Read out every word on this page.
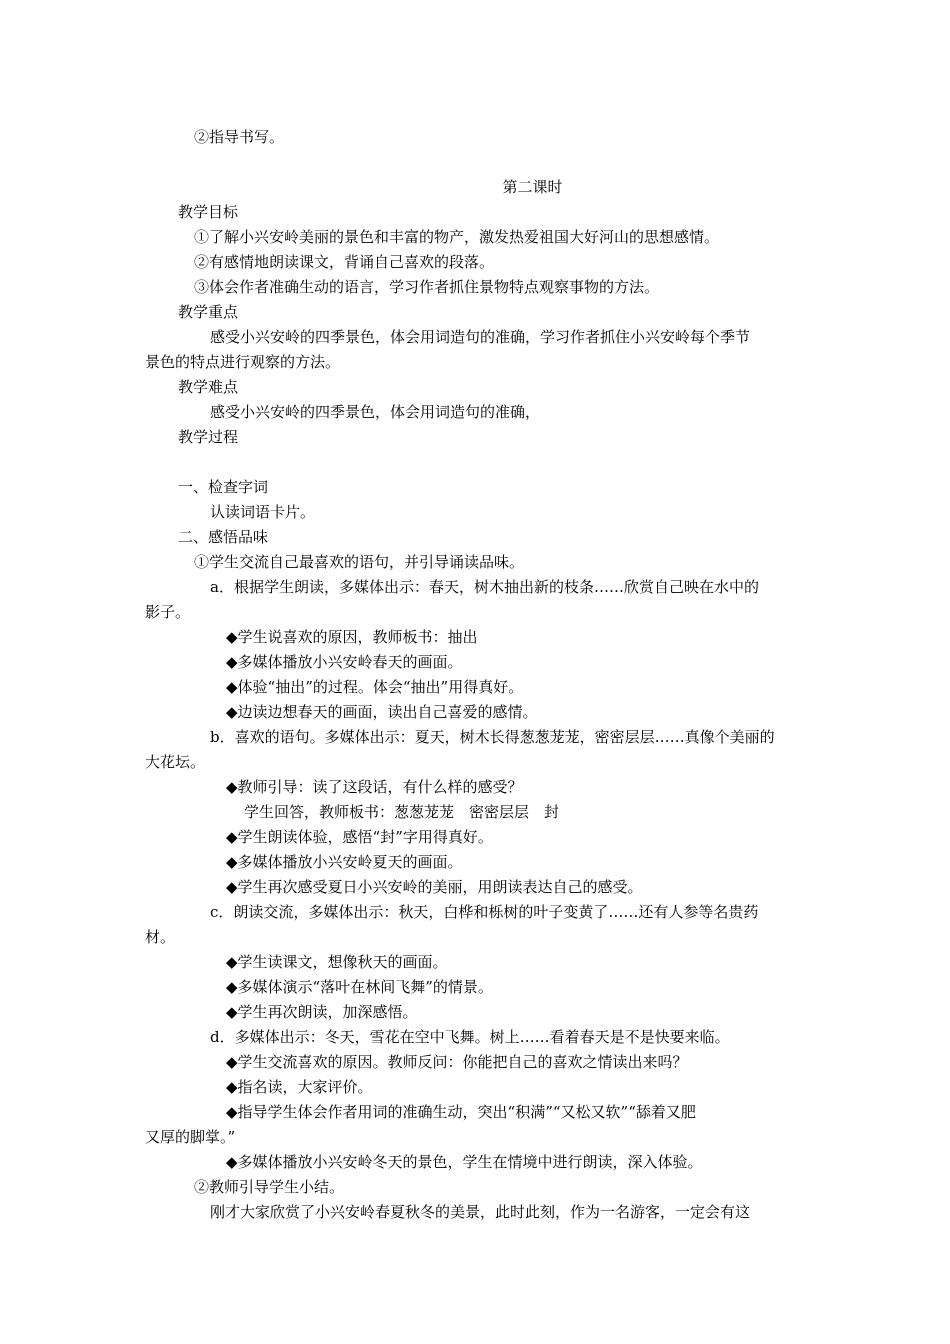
②指导书写。
第二课时
教学目标
①了解小兴安岭美丽的景色和丰富的物产，激发热爱祖国大好河山的思想感情。
②有感情地朗读课文，背诵自己喜欢的段落。
③体会作者准确生动的语言，学习作者抓住景物特点观察事物的方法。
教学重点
感受小兴安岭的四季景色，体会用词造句的准确，学习作者抓住小兴安岭每个季节
景色的特点进行观察的方法。
教学难点
感受小兴安岭的四季景色，体会用词造句的准确，
教学过程
一、检查字词
认读词语卡片。
二、感悟品味
①学生交流自己最喜欢的语句，并引导诵读品味。
a．根据学生朗读，多媒体出示：春天，树木抽出新的枝条……欣赏自己映在水中的
影子。
◆学生说喜欢的原因，教师板书：抽出
◆多媒体播放小兴安岭春天的画面。
◆体验“抽出”的过程。体会“抽出”用得真好。
◆边读边想春天的画面，读出自己喜爱的感情。
b．喜欢的语句。多媒体出示：夏天，树木长得葱葱茏茏，密密层层……真像个美丽的
大花坛。
◆教师引导：读了这段话，有什么样的感受？
学生回答，教师板书：葱葱茏茏　密密层层　封
◆学生朗读体验，感悟“封”字用得真好。
◆多媒体播放小兴安岭夏天的画面。
◆学生再次感受夏日小兴安岭的美丽，用朗读表达自己的感受。
c．朗读交流，多媒体出示：秋天，白桦和栎树的叶子变黄了……还有人参等名贵药
材。
◆学生读课文，想像秋天的画面。
◆多媒体演示“落叶在林间飞舞”的情景。
◆学生再次朗读，加深感悟。
d．多媒体出示：冬天，雪花在空中飞舞。树上……看着春天是不是快要来临。
◆学生交流喜欢的原因。教师反问：你能把自己的喜欢之情读出来吗？
◆指名读，大家评价。
◆指导学生体会作者用词的准确生动，突出“积满”“又松又软”“舔着又肥
又厚的脚掌。”
◆多媒体播放小兴安岭冬天的景色，学生在情境中进行朗读，深入体验。
②教师引导学生小结。
刚才大家欣赏了小兴安岭春夏秋冬的美景，此时此刻，作为一名游客，一定会有这
